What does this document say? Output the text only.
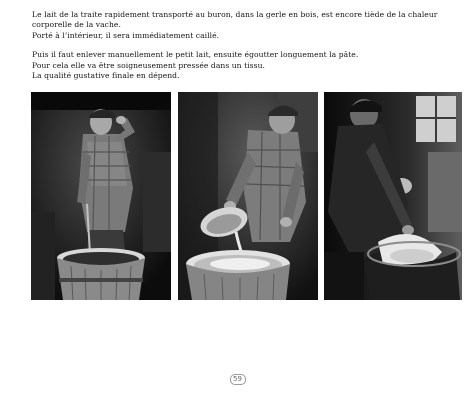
Le lait de la traite rapidement transporté au buron, dans la gerle en bois, est encore tiède de la chaleur corporelle de la vache.

Porté à l’intérieur, il sera immédiatement caillé.

Puis il faut enlever manuellement le petit lait, ensuite égoutter longuement la pâte.

Pour cela elle va être soigneusement pressée dans un tissu.

La qualité gustative finale en dépend.

59
